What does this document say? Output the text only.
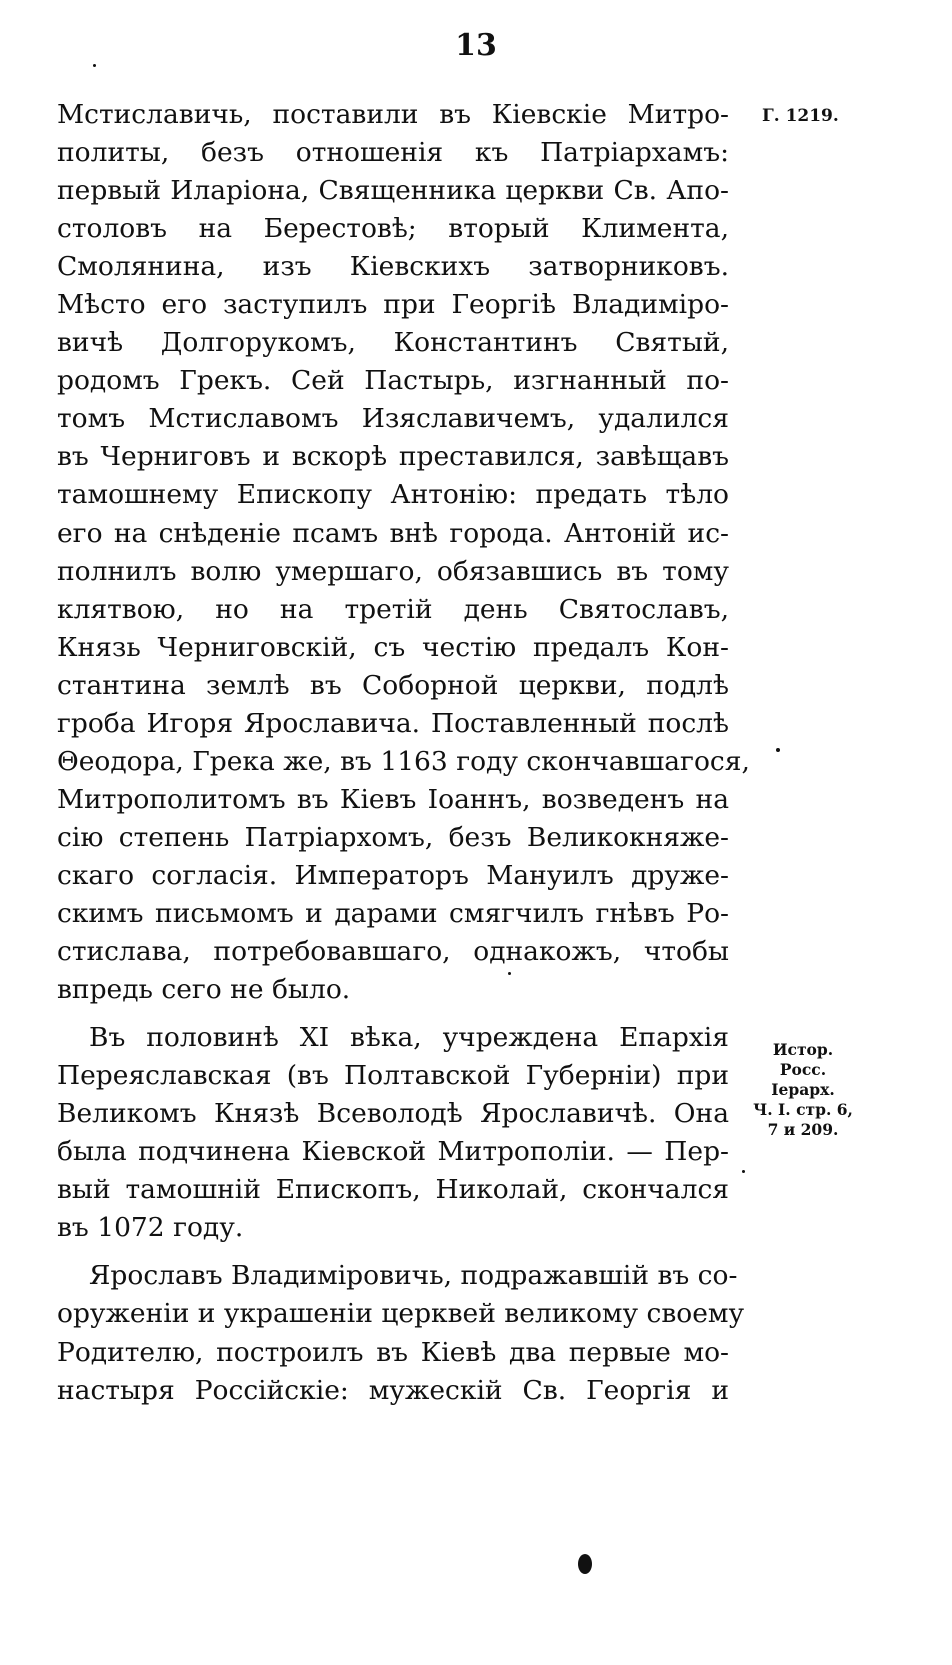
13
Мстиславичь, поставили въ Кіевскіе Митро-
политы, безъ отношенія къ Патріархамъ:
первый Иларіона, Священника церкви Св. Апо-
столовъ на Берестовѣ; вторый Климента,
Смолянина, изъ Кіевскихъ затворниковъ.
Мѣсто его заступилъ при Георгіѣ Владиміро-
вичѣ Долгорукомъ, Константинъ Святый,
родомъ Грекъ. Сей Пастырь, изгнанный по-
томъ Мстиславомъ Изяславичемъ, удалился
въ Черниговъ и вскорѣ преставился, завѣщавъ
тамошнему Епископу Антонію: предать тѣло
его на снѣденіе псамъ внѣ города. Антоній ис-
полнилъ волю умершаго, обязавшись въ тому
клятвою, но на третій день Святославъ,
Князь Черниговскій, съ честію предалъ Кон-
стантина землѣ въ Соборной церкви, подлѣ
гроба Игоря Ярославича. Поставленный послѣ
Θеодора, Грека же, въ 1163 году скончавшагося,
Митрополитомъ въ Кіевъ Іоаннъ, возведенъ на
сію степень Патріархомъ, безъ Великокняже-
скаго согласія. Императоръ Мануилъ друже-
скимъ письмомъ и дарами смягчилъ гнѣвъ Ро-
стислава, потребовавшаго, однакожъ, чтобы
впредь сего не было.
Въ половинѣ XI вѣка, учреждена Епархія
Переяславская (въ Полтавской Губерніи) при
Великомъ Князѣ Всеволодѣ Ярославичѣ. Она
была подчинена Кіевской Митрополіи. — Пер-
вый тамошній Епископъ, Николай, скончался
въ 1072 году.
Ярославъ Владиміровичь, подражавшій въ со-
оруженіи и украшеніи церквей великому своему
Родителю, построилъ въ Кіевѣ два первые мо-
настыря Россійскіе: мужескій Св. Георгія и
Г. 1219.
Истор.
Росс.
Іерарх.
Ч. I. стр. 6,
7 и 209.
